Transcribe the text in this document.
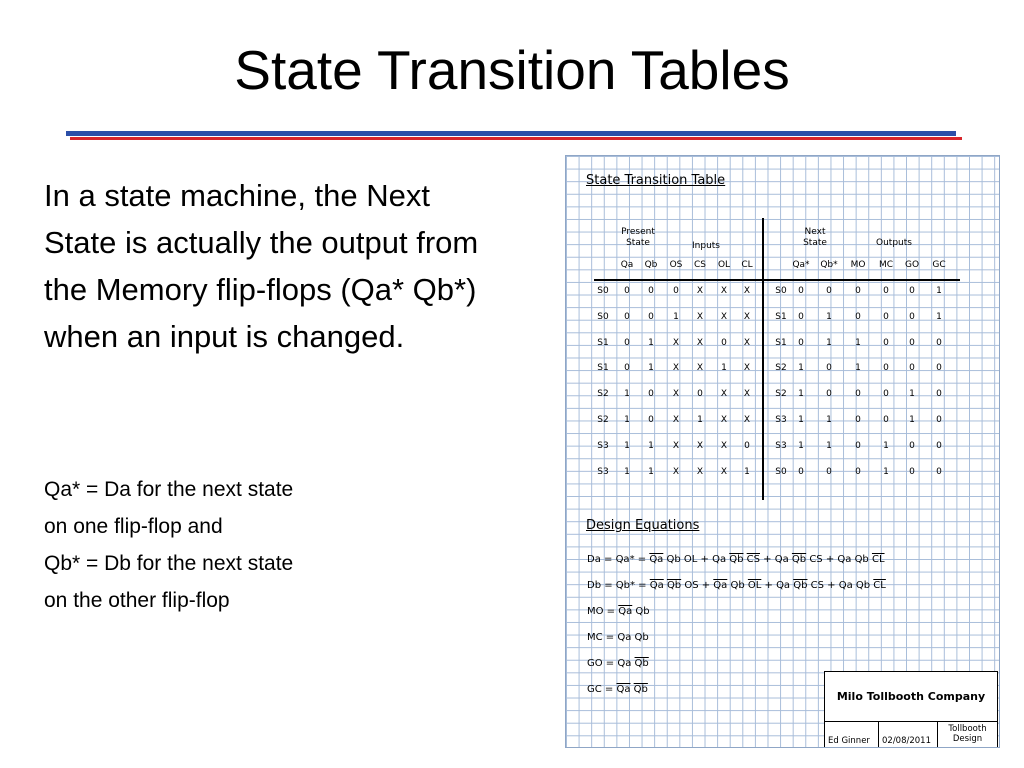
State Transition Tables
In a state machine, the Next State is actually the output from the Memory flip-flops (Qa* Qb*) when an input is changed.
Qa* = Da for the next state
on one flip-flop and
Qb* = Db for the next state
on the other flip-flop
State Transition Table
Present
State	Inputs
Next
State	Outputs
Qa	Qb	OS	CS	OL	CL	Qa*	Qb*	MO	MC	GO	GC
S0	0	0	0	X	X	X	S0	0	0	0	0	0	1
S0	0	0	1	X	X	X	S1	0	1	0	0	0	1
S1	0	1	X	X	0	X	S1	0	1	1	0	0	0
S1	0	1	X	X	1	X	S2	1	0	1	0	0	0
S2	1	0	X	0	X	X	S2	1	0	0	0	1	0
S2	1	0	X	1	X	X	S3	1	1	0	0	1	0
S3	1	1	X	X	X	0	S3	1	1	0	1	0	0
S3	1	1	X	X	X	1	S0	0	0	0	1	0	0
Design Equations
$Da = Qa* = \overline{Qa}$ Qb OL + Qa $\overline{Qb}$ $\overline{CS} + Qa$ $\overline{Qb}$ CS + Qa Qb $\overline{CL}$
$Db = Qb* = \overline{Qa}$ $\overline{Qb}$ OS + $\overline{Qa}$ Qb $\overline{OL} + Qa$ $\overline{Qb}$ CS + Qa Qb $\overline{CL}$
MO = $\overline{Qa}$ Qb
MC = Qa Qb
GO = Qa $\overline{Qb}$
GC = $\overline{Qa}$ $\overline{Qb}$
Milo Tollbooth Company
Ed Ginner 02/08/2011
Tollbooth Design
